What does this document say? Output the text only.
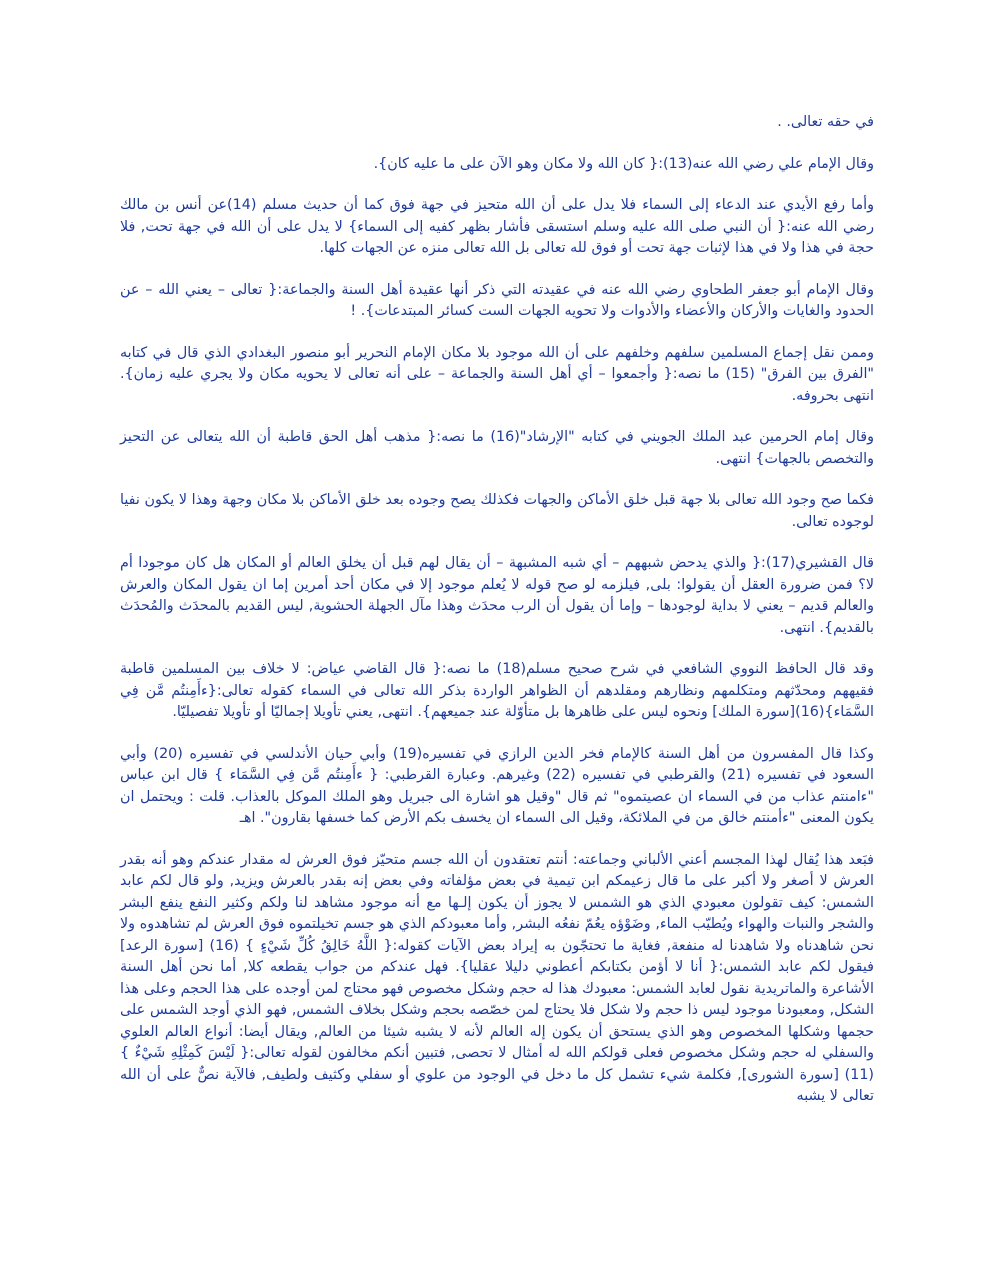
في حقه تعالى. .

وقال الإمام علي رضي الله عنه(13):{ كان الله ولا مكان وهو الآن على ما عليه كان}.

وأما رفع الأيدي عند الدعاء إلى السماء فلا يدل على أن الله متحيز في جهة فوق كما أن حديث مسلم (14)عن أنس بن مالك رضي الله عنه:{ أن النبي صلى الله عليه وسلم استسقى فأشار بظهر كفيه إلى السماء} لا يدل على أن الله في جهة تحت, فلا حجة في هذا ولا في هذا لإثبات جهة تحت أو فوق لله تعالى بل الله تعالى منزه عن الجهات كلها.

وقال الإمام أبو جعفر الطحاوي رضي الله عنه في عقيدته التي ذكر أنها عقيدة أهل السنة والجماعة:{ تعالى – يعني الله – عن الحدود والغايات والأركان والأعضاء والأدوات ولا تحويه الجهات الست كسائر المبتدعات}. !

وممن نقل إجماع المسلمين سلفهم وخلفهم على أن الله موجود بلا مكان الإمام النحرير أبو منصور البغدادي الذي قال في كتابه "الفرق بين الفرق" (15) ما نصه:{ وأجمعوا – أي أهل السنة والجماعة – على أنه تعالى لا يحويه مكان ولا يجري عليه زمان}. انتهى بحروفه.

وقال إمام الحرمين عبد الملك الجويني في كتابه "الإرشاد"(16) ما نصه:{ مذهب أهل الحق قاطبة أن الله يتعالى عن التحيز والتخصص بالجهات} انتهى.

فكما صح وجود الله تعالى بلا جهة قبل خلق الأماكن والجهات فكذلك يصح وجوده بعد خلق الأماكن بلا مكان وجهة وهذا لا يكون نفيا لوجوده تعالى.

قال القشيري(17):{ والذي يدحض شبههم – أي شبه المشبهة – أن يقال لهم قبل أن يخلق العالم أو المكان هل كان موجودا أم لا؟ فمن ضرورة العقل أن يقولوا: بلى, فيلزمه لو صح قوله لا يُعلم موجود إلا في مكان أحد أمرين إما ان يقول المكان والعرش والعالم قديم – يعني لا بداية لوجودها – وإما أن يقول أن الرب محدَث وهذا مآل الجهلة الحشوية, ليس القديم بالمحدَث والمُحدَث بالقديم}. انتهى.

وقد قال الحافظ النووي الشافعي في شرح صحيح مسلم(18) ما نصه:{ قال القاضي عياض: لا خلاف بين المسلمين قاطبة فقيههم ومحدّثهم ومتكلمهم ونظارهم ومقلدهم أن الظواهر الواردة بذكر الله تعالى في السماء كقوله تعالى:{ءأَمِنتُم مَّن فِي السَّمَاء}(16)[سورة الملك] ونحوه ليس على ظاهرها بل متأوّلة عند جميعهم}. انتهى, يعني تأويلا إجماليّا أو تأويلا تفصيليّا.

وكذا قال المفسرون من أهل السنة كالإمام فخر الدين الرازي في تفسيره(19) وأبي حيان الأندلسي في تفسيره (20) وأبي السعود في تفسيره (21) والقرطبي في تفسيره (22) وغيرهم. وعبارة القرطبي: { ءأَمِنتُم مَّن فِي السَّمَاء } قال ابن عباس "ءامنتم عذاب من في السماء ان عصيتموه" ثم قال "وقيل هو اشارة الى جبريل وهو الملك الموكل بالعذاب. قلت : ويحتمل ان يكون المعنى "ءأمنتم خالق من في الملائكة، وقيل الى السماء ان يخسف بكم الأرض كما خسفها بقارون". اهـ

فبَعد هذا يُقال لهذا المجسم أعني الألباني وجماعته: أنتم تعتقدون أن الله جسم متحيّز فوق العرش له مقدار عندكم وهو أنه بقدر العرش لا أصغر ولا أكبر على ما قال زعيمكم ابن تيمية في بعض مؤلفاته وفي بعض إنه بقدر بالعرش ويزيد, ولو قال لكم عابد الشمس: كيف تقولون معبودي الذي هو الشمس لا يجوز أن يكون إلـها مع أنه موجود مشاهد لنا ولكم وكثير النفع ينفع البشر والشجر والنبات والهواء ويُطيّب الماء, وضَوْؤه يعُمّ نفعُه البشر, وأما معبودكم الذي هو جسم تخيلتموه فوق العرش لم تشاهدوه ولا نحن شاهدناه ولا شاهدنا له منفعة, فغاية ما تحتجّون به إيراد بعض الآيات كقوله:{ اللَّهُ خَالِقُ كُلِّ شَيْءٍ } (16) [سورة الرعد] فيقول لكم عابد الشمس:{ أنا لا أؤمن بكتابكم أعطوني دليلا عقليا}. فهل عندكم من جواب يقطعه كلا, أما نحن أهل السنة الأشاعرة والماتريدية نقول لعابد الشمس: معبودك هذا له حجم وشكل مخصوص فهو محتاج لمن أوجده على هذا الحجم وعلى هذا الشكل, ومعبودنا موجود ليس ذا حجم ولا شكل فلا يحتاج لمن خصّصه بحجم وشكل بخلاف الشمس, فهو الذي أوجد الشمس على حجمها وشكلها المخصوص وهو الذي يستحق أن يكون إله العالم لأنه لا يشبه شيئا من العالم, ويقال أيضا: أنواع العالم العلوي والسفلي له حجم وشكل مخصوص فعلى قولكم الله له أمثال لا تحصى, فتبين أنكم مخالفون لقوله تعالى:{ لَيْسَ كَمِثْلِهِ شَيْءٌ } (11) [سورة الشورى], فكلمة شيء تشمل كل ما دخل في الوجود من علوي أو سفلي وكثيف ولطيف, فالآية نصٌّ على أن الله تعالى لا يشبه
